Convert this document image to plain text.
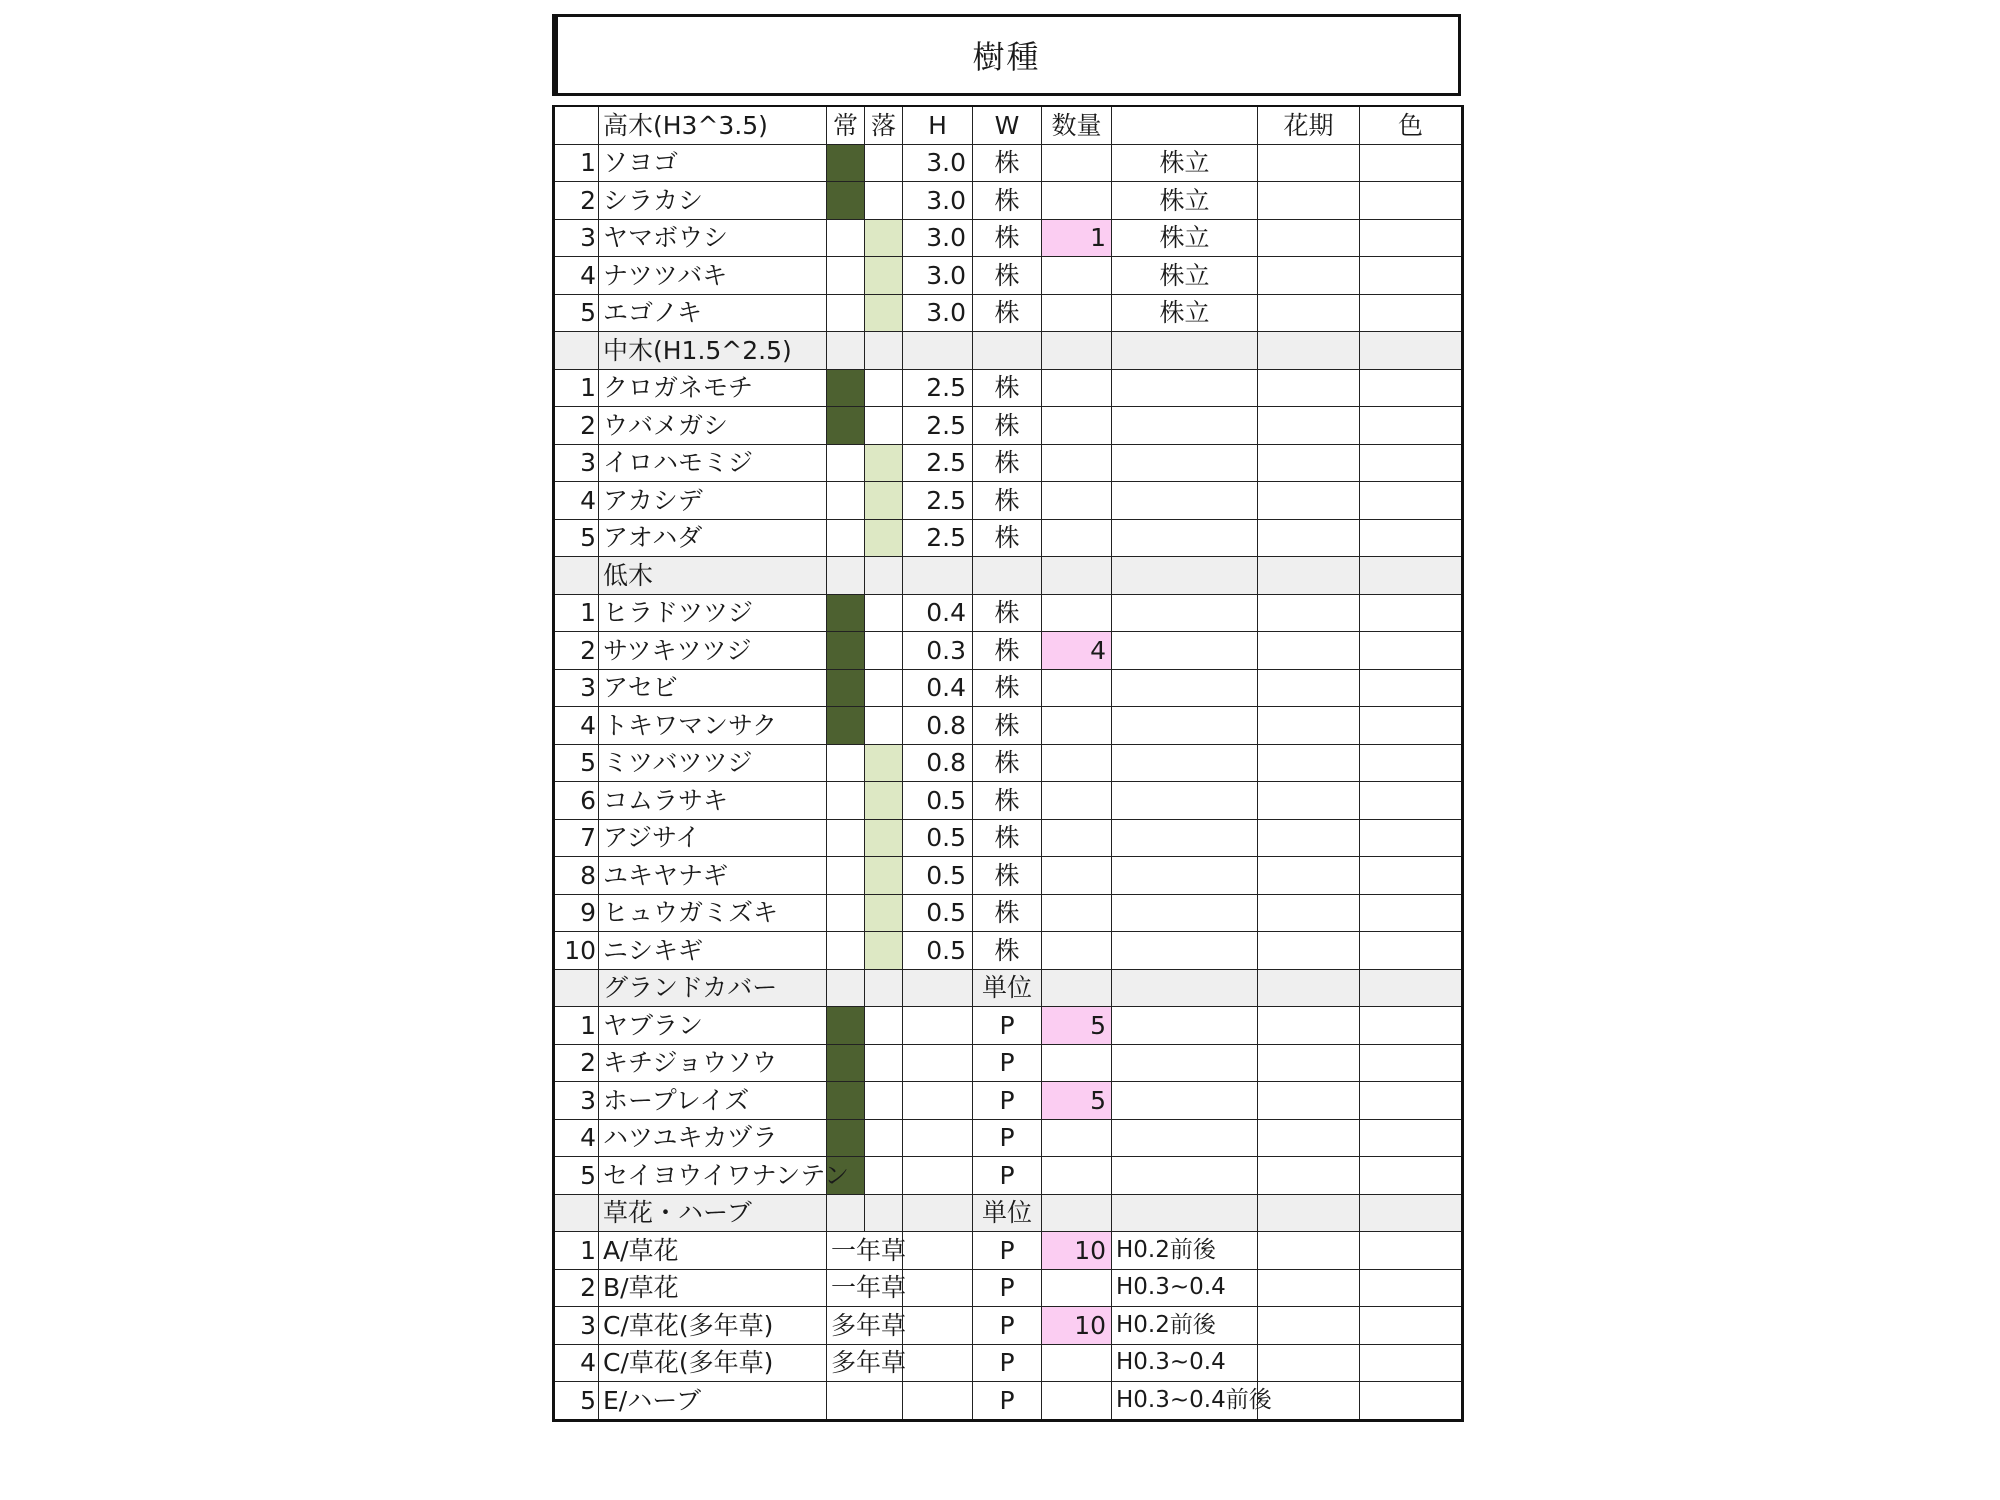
樹種
	高木(H3^3.5)	常	落	H	W	数量		花期	色
1	ソヨゴ			3.0	株		株立		
2	シラカシ			3.0	株		株立		
3	ヤマボウシ			3.0	株	1	株立		
4	ナツツバキ			3.0	株		株立		
5	エゴノキ			3.0	株		株立		
	中木(H1.5^2.5)								
1	クロガネモチ			2.5	株				
2	ウバメガシ			2.5	株				
3	イロハモミジ			2.5	株				
4	アカシデ			2.5	株				
5	アオハダ			2.5	株				
	低木								
1	ヒラドツツジ			0.4	株				
2	サツキツツジ			0.3	株	4			
3	アセビ			0.4	株				
4	トキワマンサク			0.8	株				
5	ミツバツツジ			0.8	株				
6	コムラサキ			0.5	株				
7	アジサイ			0.5	株				
8	ユキヤナギ			0.5	株				
9	ヒュウガミズキ			0.5	株				
10	ニシキギ			0.5	株				
	グランドカバー				単位				
1	ヤブラン				P	5			
2	キチジョウソウ				P				
3	ホープレイズ				P	5			
4	ハツユキカヅラ				P				
5	セイヨウイワナンテン				P				
	草花・ハーブ				単位				
1	A/草花	一年草			P	10	H0.2前後		
2	B/草花	一年草			P		H0.3~0.4		
3	C/草花(多年草)	多年草			P	10	H0.2前後		
4	C/草花(多年草)	多年草			P		H0.3~0.4		
5	E/ハーブ				P		H0.3~0.4前後		
